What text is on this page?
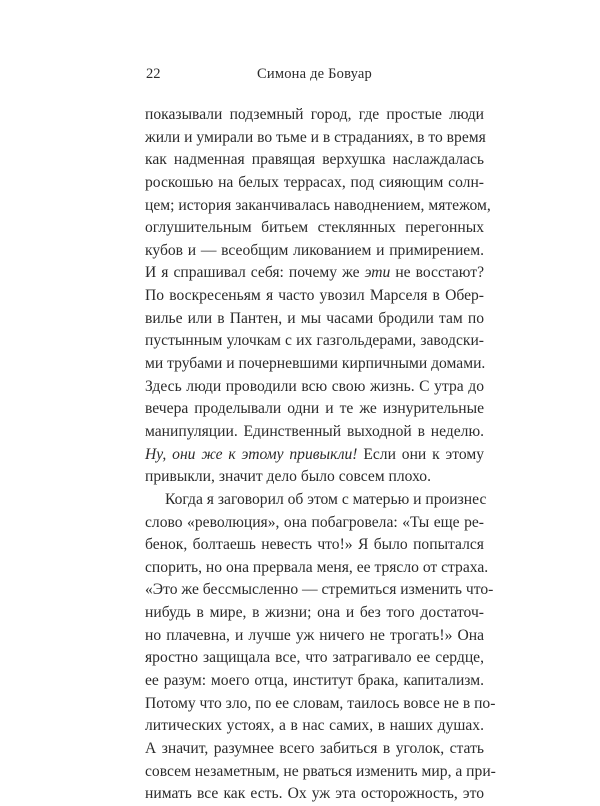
22	Симона де Бовуар
показывали подземный город, где простые люди
жили и умирали во тьме и в страданиях, в то время
как надменная правящая верхушка наслаждалась
роскошью на белых террасах, под сияющим солн-
цем; история заканчивалась наводнением, мятежом,
оглушительным битьем стеклянных перегонных
кубов и — всеобщим ликованием и примирением.
И я спрашивал себя: почему же эти не восстают?
По воскресеньям я часто увозил Марселя в Обер-
вилье или в Пантен, и мы часами бродили там по
пустынным улочкам с их газгольдерами, заводски-
ми трубами и почерневшими кирпичными домами.
Здесь люди проводили всю свою жизнь. С утра до
вечера проделывали одни и те же изнурительные
манипуляции. Единственный выходной в неделю.
Ну, они же к этому привыкли! Если они к этому
привыкли, значит дело было совсем плохо.
Когда я заговорил об этом с матерью и произнес
слово «революция», она побагровела: «Ты еще ре-
бенок, болтаешь невесть что!» Я было попытался
спорить, но она прервала меня, ее трясло от страха.
«Это же бессмысленно — стремиться изменить что-
нибудь в мире, в жизни; она и без того достаточ-
но плачевна, и лучше уж ничего не трогать!» Она
яростно защищала все, что затрагивало ее сердце,
ее разум: моего отца, институт брака, капитализм.
Потому что зло, по ее словам, таилось вовсе не в по-
литических устоях, а в нас самих, в наших душах.
А значит, разумнее всего забиться в уголок, стать
совсем незаметным, не рваться изменить мир, а при-
нимать все как есть. Ох уж эта осторожность, это
